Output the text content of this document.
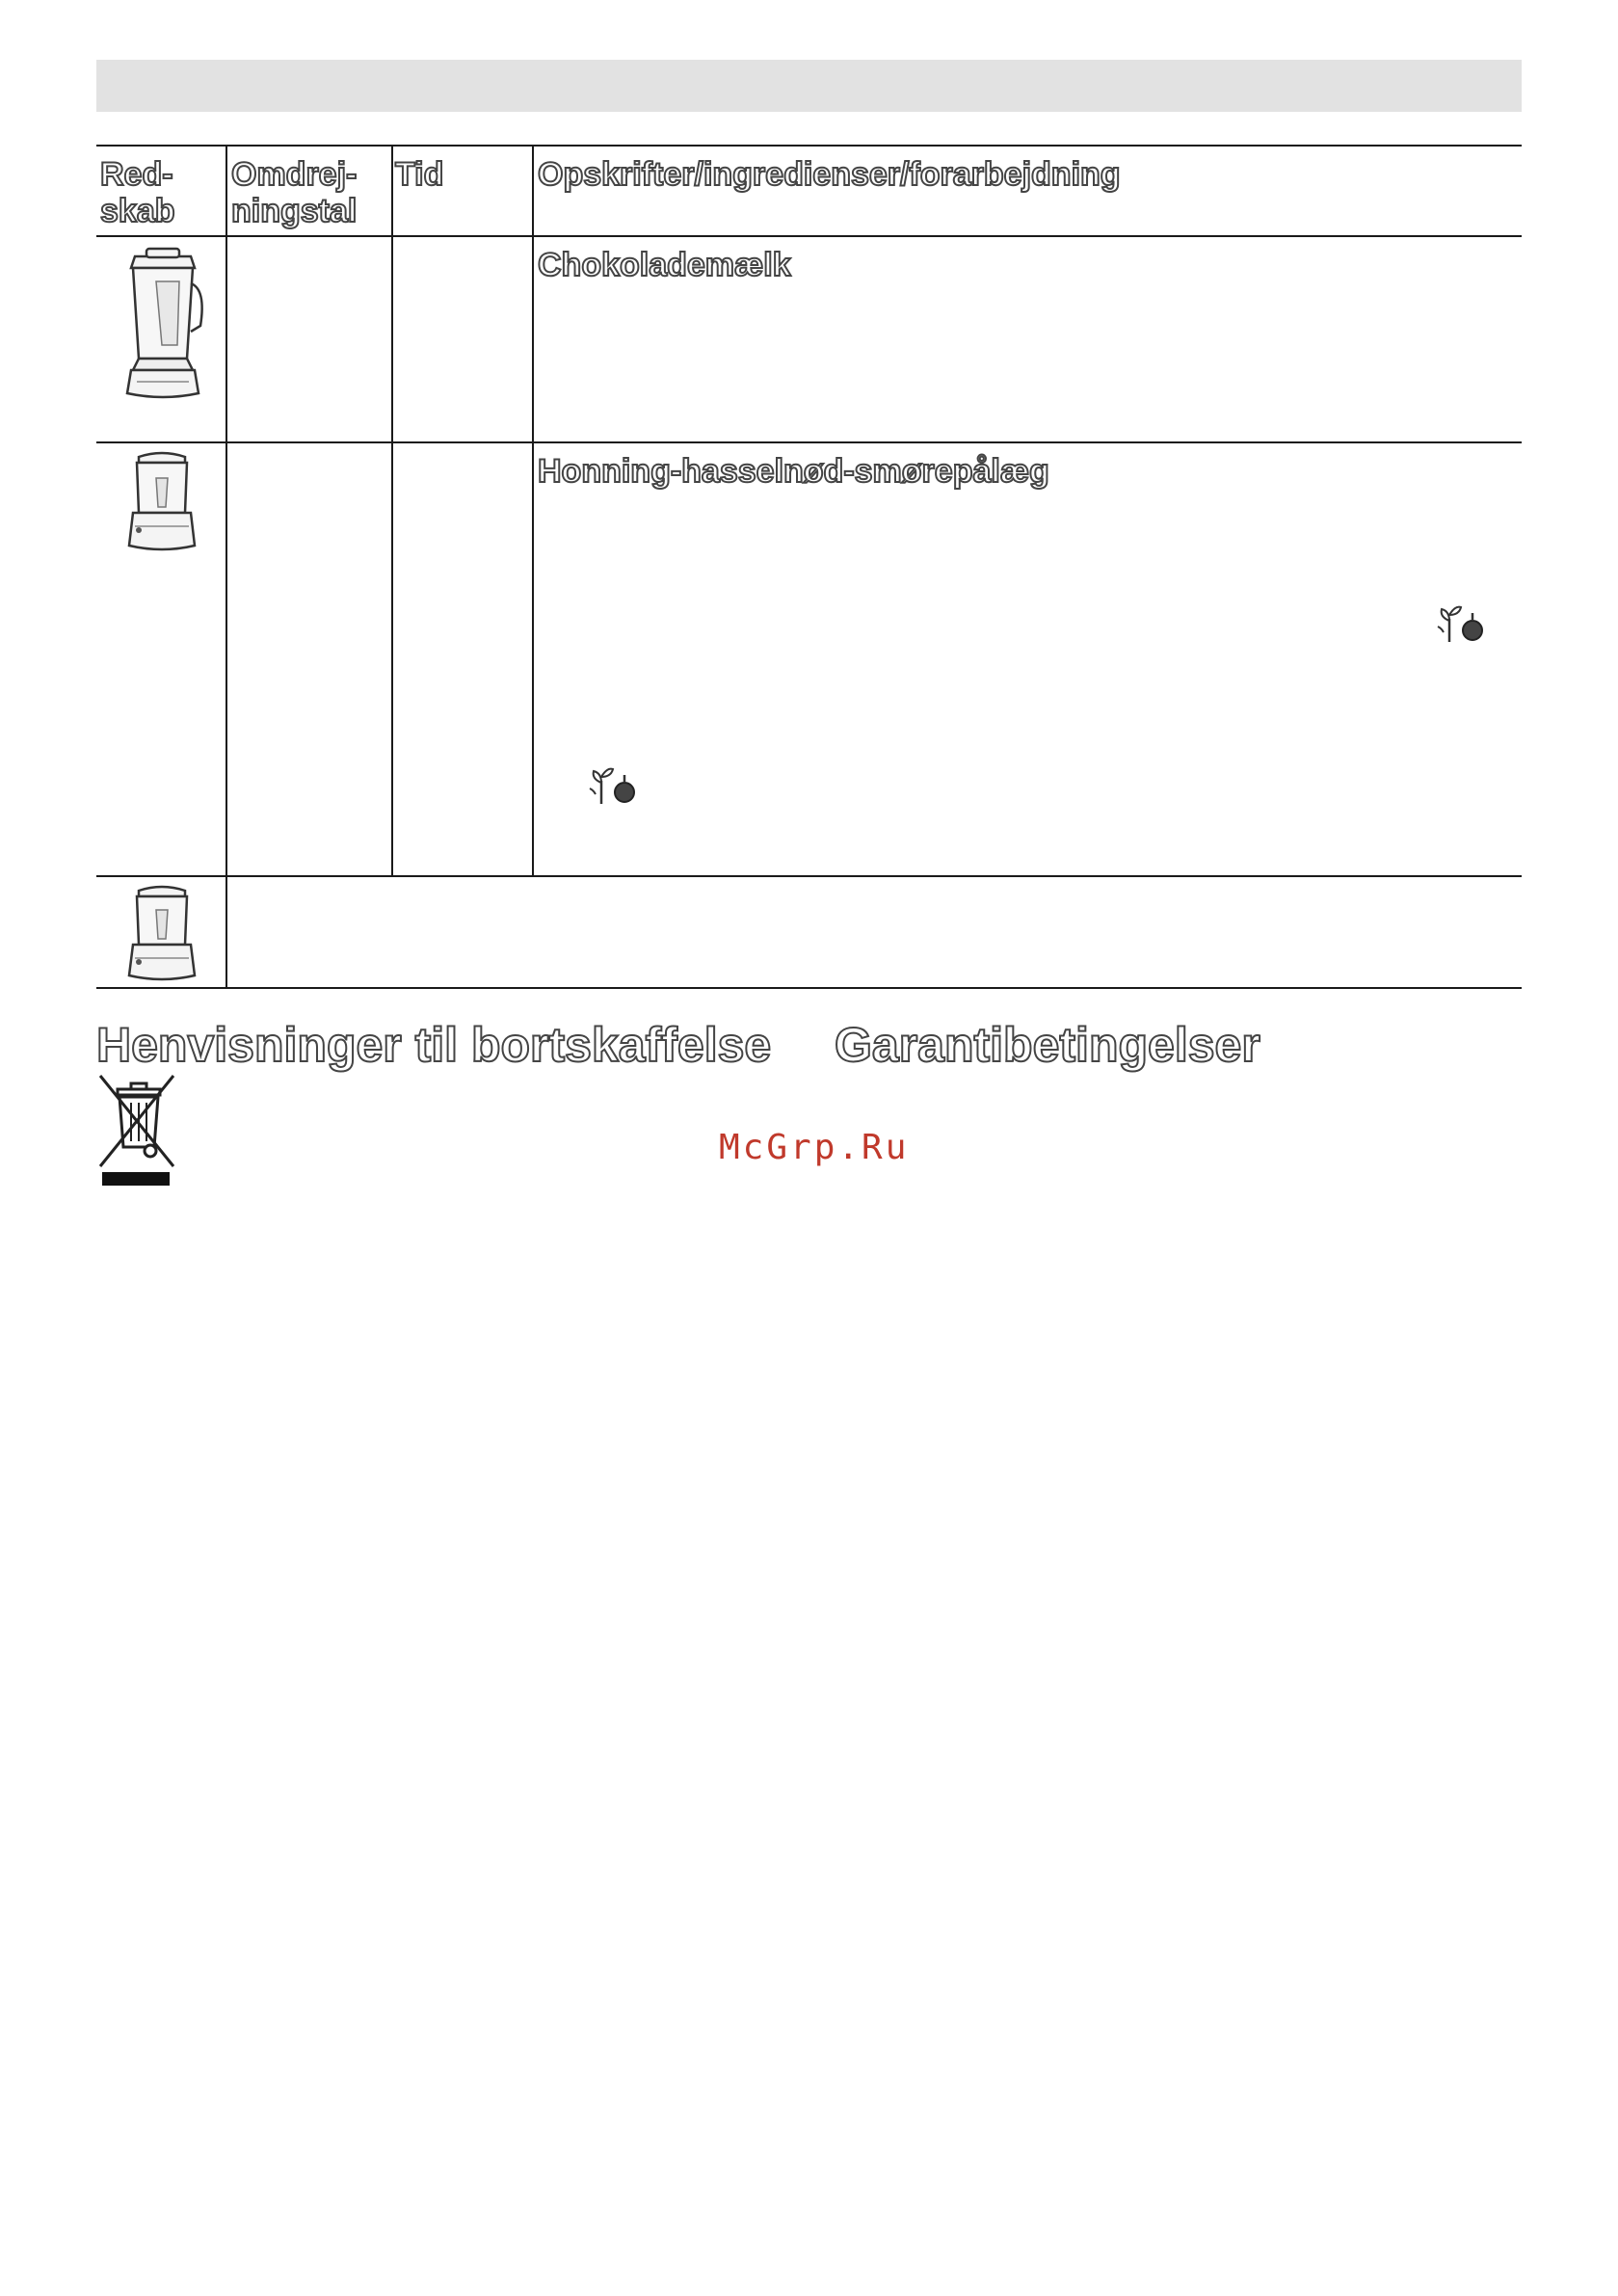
Red-
skab
Omdrej-
ningstal
Tid	Opskrifter/ingredienser/forarbejdning
Chokolademælk
Honning-hasselnød-smørepålæg
Henvisninger til bortskaffelse Garantibetingelser
McGrp.Ru
